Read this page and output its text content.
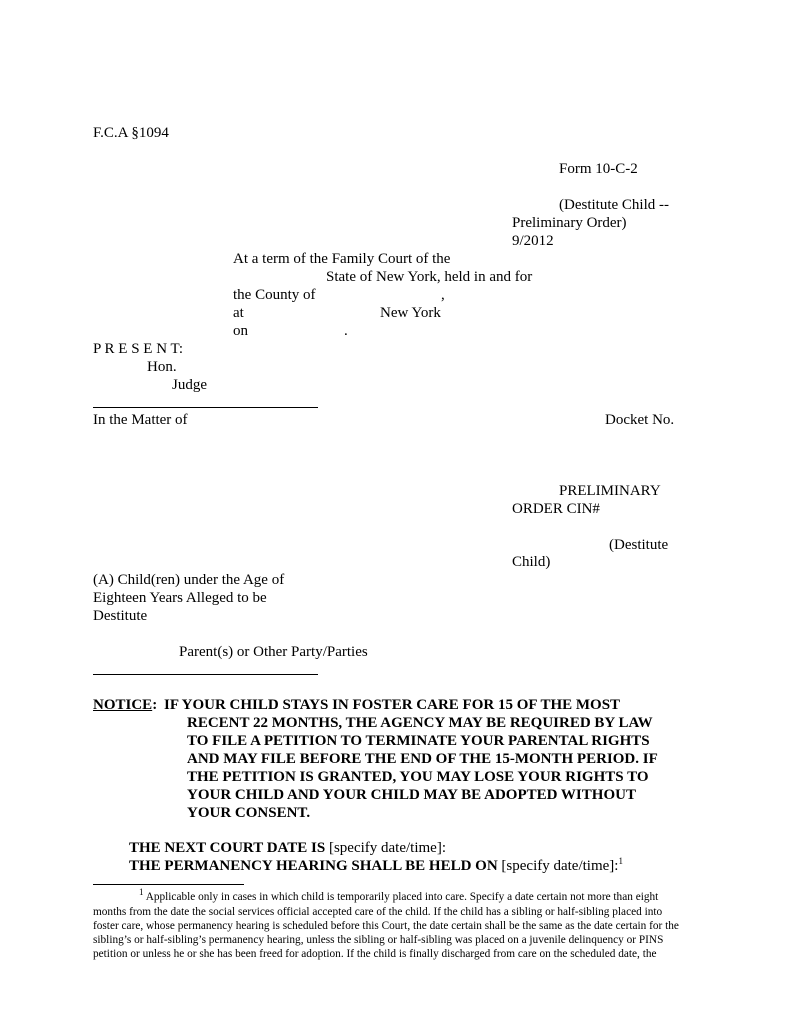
F.C.A §1094
Form 10-C-2
(Destitute Child --
Preliminary Order)
9/2012
At a term of the Family Court of the
State of New York, held in and for
the County of	,
at	New York
on	.
P R E S E N T:
Hon.
Judge
In the Matter of	Docket No.
PRELIMINARY
ORDER CIN#
(Destitute
Child)
(A) Child(ren) under the Age of
Eighteen Years Alleged to be
Destitute
Parent(s) or Other Party/Parties
NOTICE: IF YOUR CHILD STAYS IN FOSTER CARE FOR 15 OF THE MOST
RECENT 22 MONTHS, THE AGENCY MAY BE REQUIRED BY LAW
TO FILE A PETITION TO TERMINATE YOUR PARENTAL RIGHTS
AND MAY FILE BEFORE THE END OF THE 15-MONTH PERIOD. IF
THE PETITION IS GRANTED, YOU MAY LOSE YOUR RIGHTS TO
YOUR CHILD AND YOUR CHILD MAY BE ADOPTED WITHOUT
YOUR CONSENT.
THE NEXT COURT DATE IS [specify date/time]:
THE PERMANENCY HEARING SHALL BE HELD ON [specify date/time]:$^1$
$^1$ Applicable only in cases in which child is temporarily placed into care. Specify a date certain not more than eight
months from the date the social services official accepted care of the child. If the child has a sibling or half-sibling placed into
foster care, whose permanency hearing is scheduled before this Court, the date certain shall be the same as the date certain for the
sibling’s or half-sibling’s permanency hearing, unless the sibling or half-sibling was placed on a juvenile delinquency or PINS
petition or unless he or she has been freed for adoption. If the child is finally discharged from care on the scheduled date, the
